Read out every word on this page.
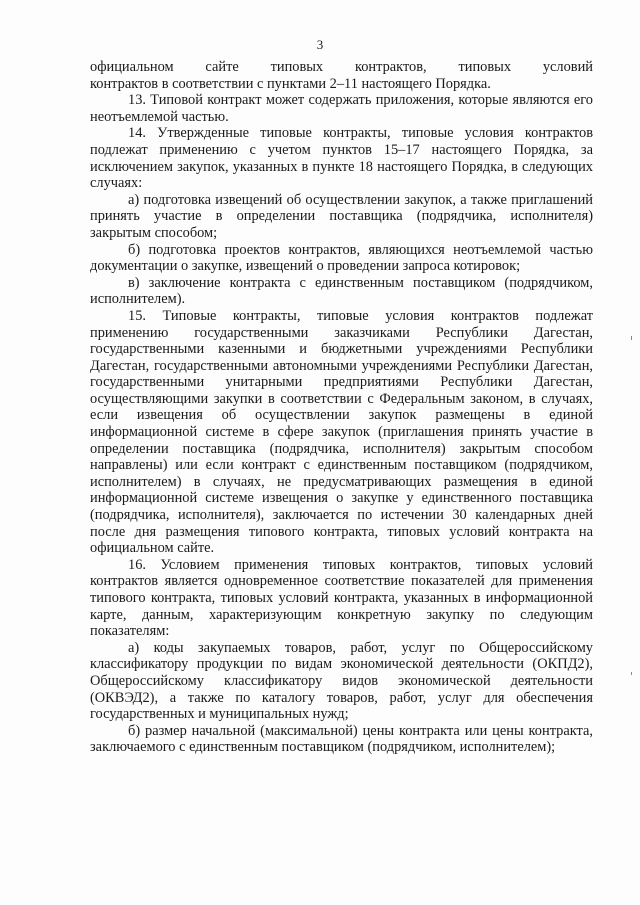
3

официальном сайте типовых контрактов, типовых условий

контрактов в соответствии с пунктами 2–11 настоящего Порядка.

13. Типовой контракт может содержать приложения, которые являются его неотъемлемой частью.

14. Утвержденные типовые контракты, типовые условия контрактов подлежат применению с учетом пунктов 15–17 настоящего Порядка, за исключением закупок, указанных в пункте 18 настоящего Порядка, в следующих случаях:

а) подготовка извещений об осуществлении закупок, а также приглашений принять участие в определении поставщика (подрядчика, исполнителя) закрытым способом;

б) подготовка проектов контрактов, являющихся неотъемлемой частью документации о закупке, извещений о проведении запроса котировок;

в) заключение контракта с единственным поставщиком (подрядчиком, исполнителем).

15. Типовые контракты, типовые условия контрактов подлежат применению государственными заказчиками Республики Дагестан, государственными казенными и бюджетными учреждениями Республики Дагестан, государственными автономными учреждениями Республики Дагестан, государственными унитарными предприятиями Республики Дагестан, осуществляющими закупки в соответствии с Федеральным законом, в случаях, если извещения об осуществлении закупок размещены в единой информационной системе в сфере закупок (приглашения принять участие в определении поставщика (подрядчика, исполнителя) закрытым способом направлены) или если контракт с единственным поставщиком (подрядчиком, исполнителем) в случаях, не предусматривающих размещения в единой информационной системе извещения о закупке у единственного поставщика (подрядчика, исполнителя), заключается по истечении 30 календарных дней после дня размещения типового контракта, типовых условий контракта на официальном сайте.

16. Условием применения типовых контрактов, типовых условий контрактов является одновременное соответствие показателей для применения типового контракта, типовых условий контракта, указанных в информационной карте, данным, характеризующим конкретную закупку по следующим показателям:

а) коды закупаемых товаров, работ, услуг по Общероссийскому классификатору продукции по видам экономической деятельности (ОКПД2), Общероссийскому классификатору видов экономической деятельности (ОКВЭД2), а также по каталогу товаров, работ, услуг для обеспечения государственных и муниципальных нужд;

б) размер начальной (максимальной) цены контракта или цены контракта, заключаемого с единственным поставщиком (подрядчиком, исполнителем);
